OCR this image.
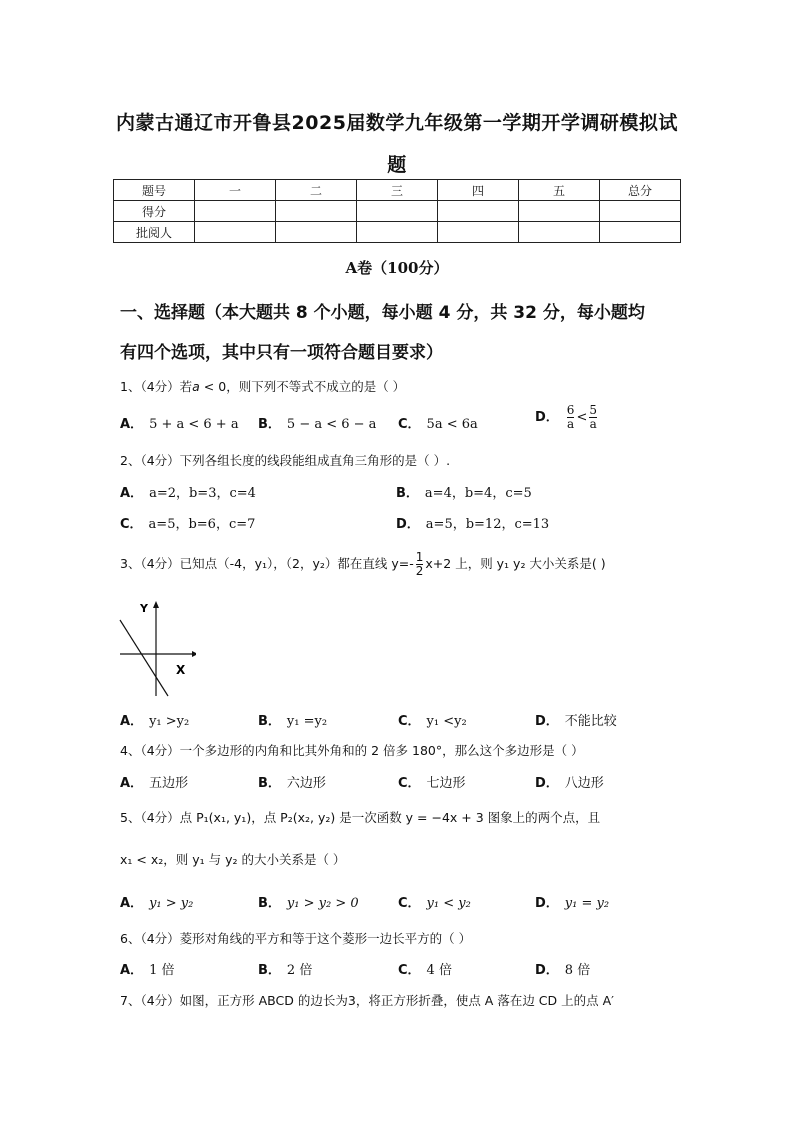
内蒙古通辽市开鲁县2025届数学九年级第一学期开学调研模拟试
题
题号	一	二	三	四	五	总分
得分						
批阅人						
A卷（100分）
一、选择题（本大题共 8 个小题，每小题 4 分，共 32 分，每小题均
有四个选项，其中只有一项符合题目要求）
1、（4分）若a < 0，则下列不等式不成立的是（ ）
A． 5 + a < 6 + a B． 5 − a < 6 − a C． 5a < 6a	D． $\frac{6}{a} < \frac{5}{a}$
2、（4分）下列各组长度的线段能组成直角三角形的是（ ）.
A． a=2，b=3，c=4	B． a=4，b=4，c=5
C． a=5，b=6，c=7	D． a=5，b=12，c=13
3、（4分）已知点（-4，y₁），（2，y₂）都在直线 $y=- \frac{1}{2} x+2$ 上，则 y₁ y₂ 大小关系是( )
Y
X
A． y₁ >y₂	B． y₁ =y₂	C． y₁ <y₂	D． 不能比较
4、（4分）一个多边形的内角和比其外角和的 2 倍多 180°，那么这个多边形是（ ）
A． 五边形	B． 六边形	C． 七边形	D． 八边形
5、（4分）点 P₁(x₁, y₁)，点 P₂(x₂, y₂) 是一次函数 y = −4x + 3 图象上的两个点，且
x₁ < x₂，则 y₁ 与 y₂ 的大小关系是（ ）
A． y₁ > y₂	B． y₁ > y₂ > 0	C． y₁ < y₂	D． y₁ = y₂
6、（4分）菱形对角线的平方和等于这个菱形一边长平方的（ ）
A． 1 倍	B． 2 倍	C． 4 倍	D． 8 倍
7、（4分）如图，正方形 ABCD 的边长为3，将正方形折叠，使点 A 落在边 CD 上的点 A′
